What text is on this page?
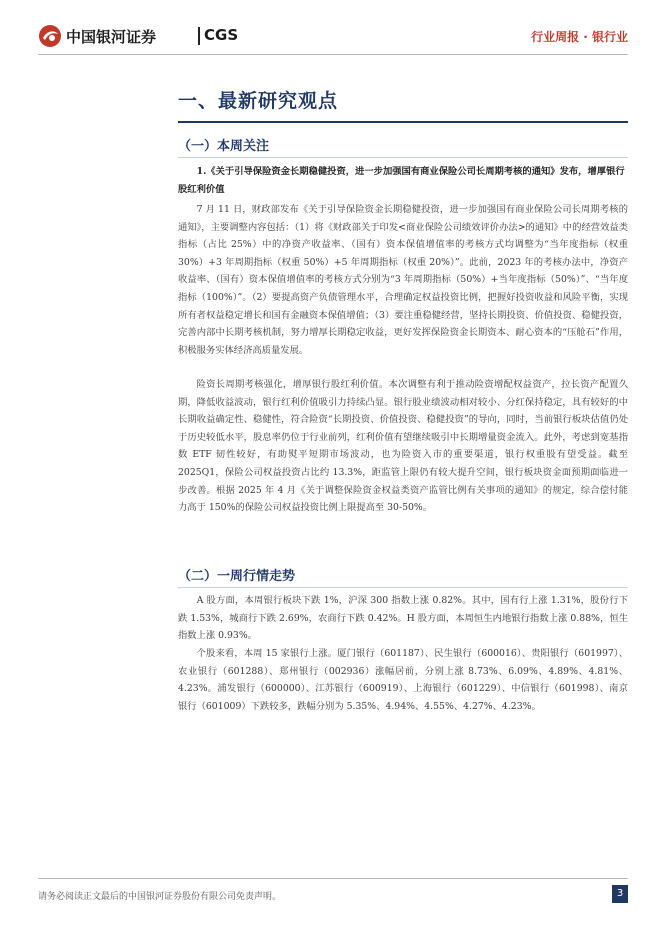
中国银河证券	CGS	行业周报 · 银行业
一、最新研究观点
（一）本周关注

1.《关于引导保险资金长期稳健投资，进一步加强国有商业保险公司长周期考核的通知》发布，增厚银行股红利价值

7 月 11 日，财政部发布《关于引导保险资金长期稳健投资，进一步加强国有商业保险公司长周期考核的通知》，主要调整内容包括：（1）将《财政部关于印发<商业保险公司绩效评价办法>的通知》中的经营效益类指标（占比 25%）中的净资产收益率、（国有）资本保值增值率的考核方式均调整为“当年度指标（权重 30%）+3 年周期指标（权重 50%）+5 年周期指标（权重 20%）”。此前，2023 年的考核办法中，净资产收益率、（国有）资本保值增值率的考核方式分别为“3 年周期指标（50%）+当年度指标（50%）”、“当年度指标（100%）”。（2）要提高资产负债管理水平，合理确定权益投资比例，把握好投资收益和风险平衡，实现所有者权益稳定增长和国有金融资本保值增值；（3）要注重稳健经营，坚持长期投资、价值投资、稳健投资，完善内部中长期考核机制，努力增厚长期稳定收益，更好发挥保险资金长期资本、耐心资本的“压舱石”作用，积极服务实体经济高质量发展。

险资长周期考核强化，增厚银行股红利价值。本次调整有利于推动险资增配权益资产，拉长资产配置久期，降低收益波动，银行红利价值吸引力持续凸显。银行股业绩波动相对较小、分红保持稳定，具有较好的中长期收益确定性、稳健性，符合险资“长期投资、价值投资、稳健投资”的导向，同时，当前银行板块估值仍处于历史较低水平，股息率仍位于行业前列，红利价值有望继续吸引中长期增量资金流入。此外，考虑到宽基指数 ETF 韧性较好，有助熨平短期市场波动，也为险资入市的重要渠道，银行权重股有望受益。截至 2025Q1，保险公司权益投资占比约 13.3%，距监管上限仍有较大提升空间，银行板块资金面预期面临进一步改善。根据 2025 年 4 月《关于调整保险资金权益类资产监管比例有关事项的通知》的规定，综合偿付能力高于 150%的保险公司权益投资比例上限提高至 30-50%。

（二）一周行情走势

A 股方面，本周银行板块下跌 1%，沪深 300 指数上涨 0.82%。其中，国有行上涨 1.31%，股份行下跌 1.53%，城商行下跌 2.69%，农商行下跌 0.42%。H 股方面，本周恒生内地银行指数上涨 0.88%，恒生指数上涨 0.93%。

个股来看，本周 15 家银行上涨。厦门银行（601187）、民生银行（600016）、贵阳银行（601997）、农业银行（601288）、郑州银行（002936）涨幅居前，分别上涨 8.73%、6.09%、4.89%、4.81%、4.23%。浦发银行（600000）、江苏银行（600919）、上海银行（601229）、中信银行（601998）、南京银行（601009）下跌较多，跌幅分别为 5.35%、4.94%、4.55%、4.27%、4.23%。

请务必阅读正文最后的中国银河证券股份有限公司免责声明。	3
